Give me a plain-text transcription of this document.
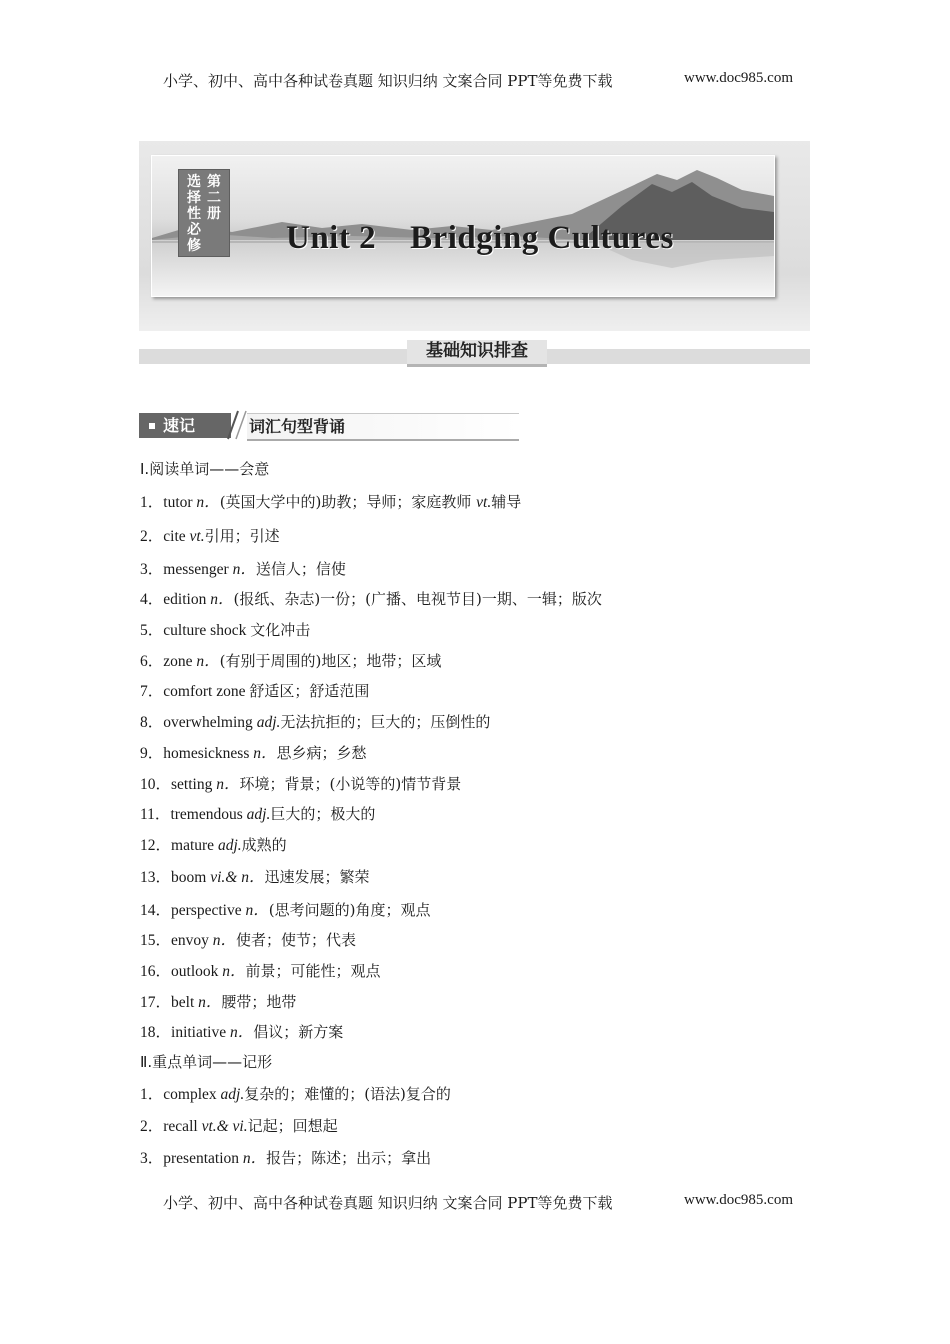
小学、初中、高中各种试卷真题 知识归纳 文案合同 PPT等免费下载	www.doc985.com
选择性必修
第二册
Unit 2 Bridging Cultures
基础知识排查
速记	词汇句型背诵
Ⅰ.阅读单词——会意
1．tutor n．(英国大学中的)助教；导师；家庭教师 vt.辅导
2．cite vt.引用；引述
3．messenger n．送信人；信使
4．edition n．(报纸、杂志)一份；(广播、电视节目)一期、一辑；版次
5．culture shock 文化冲击
6．zone n．(有别于周围的)地区；地带；区域
7．comfort zone 舒适区；舒适范围
8．overwhelming adj.无法抗拒的；巨大的；压倒性的
9．homesickness n．思乡病；乡愁
10．setting n．环境；背景；(小说等的)情节背景
11．tremendous adj.巨大的；极大的
12．mature adj.成熟的
13．boom vi.& n．迅速发展；繁荣
14．perspective n．(思考问题的)角度；观点
15．envoy n．使者；使节；代表
16．outlook n．前景；可能性；观点
17．belt n．腰带；地带
18．initiative n．倡议；新方案
Ⅱ.重点单词——记形
1．complex adj.复杂的；难懂的；(语法)复合的
2．recall vt.& vi.记起；回想起
3．presentation n．报告；陈述；出示；拿出
小学、初中、高中各种试卷真题 知识归纳 文案合同 PPT等免费下载	www.doc985.com
